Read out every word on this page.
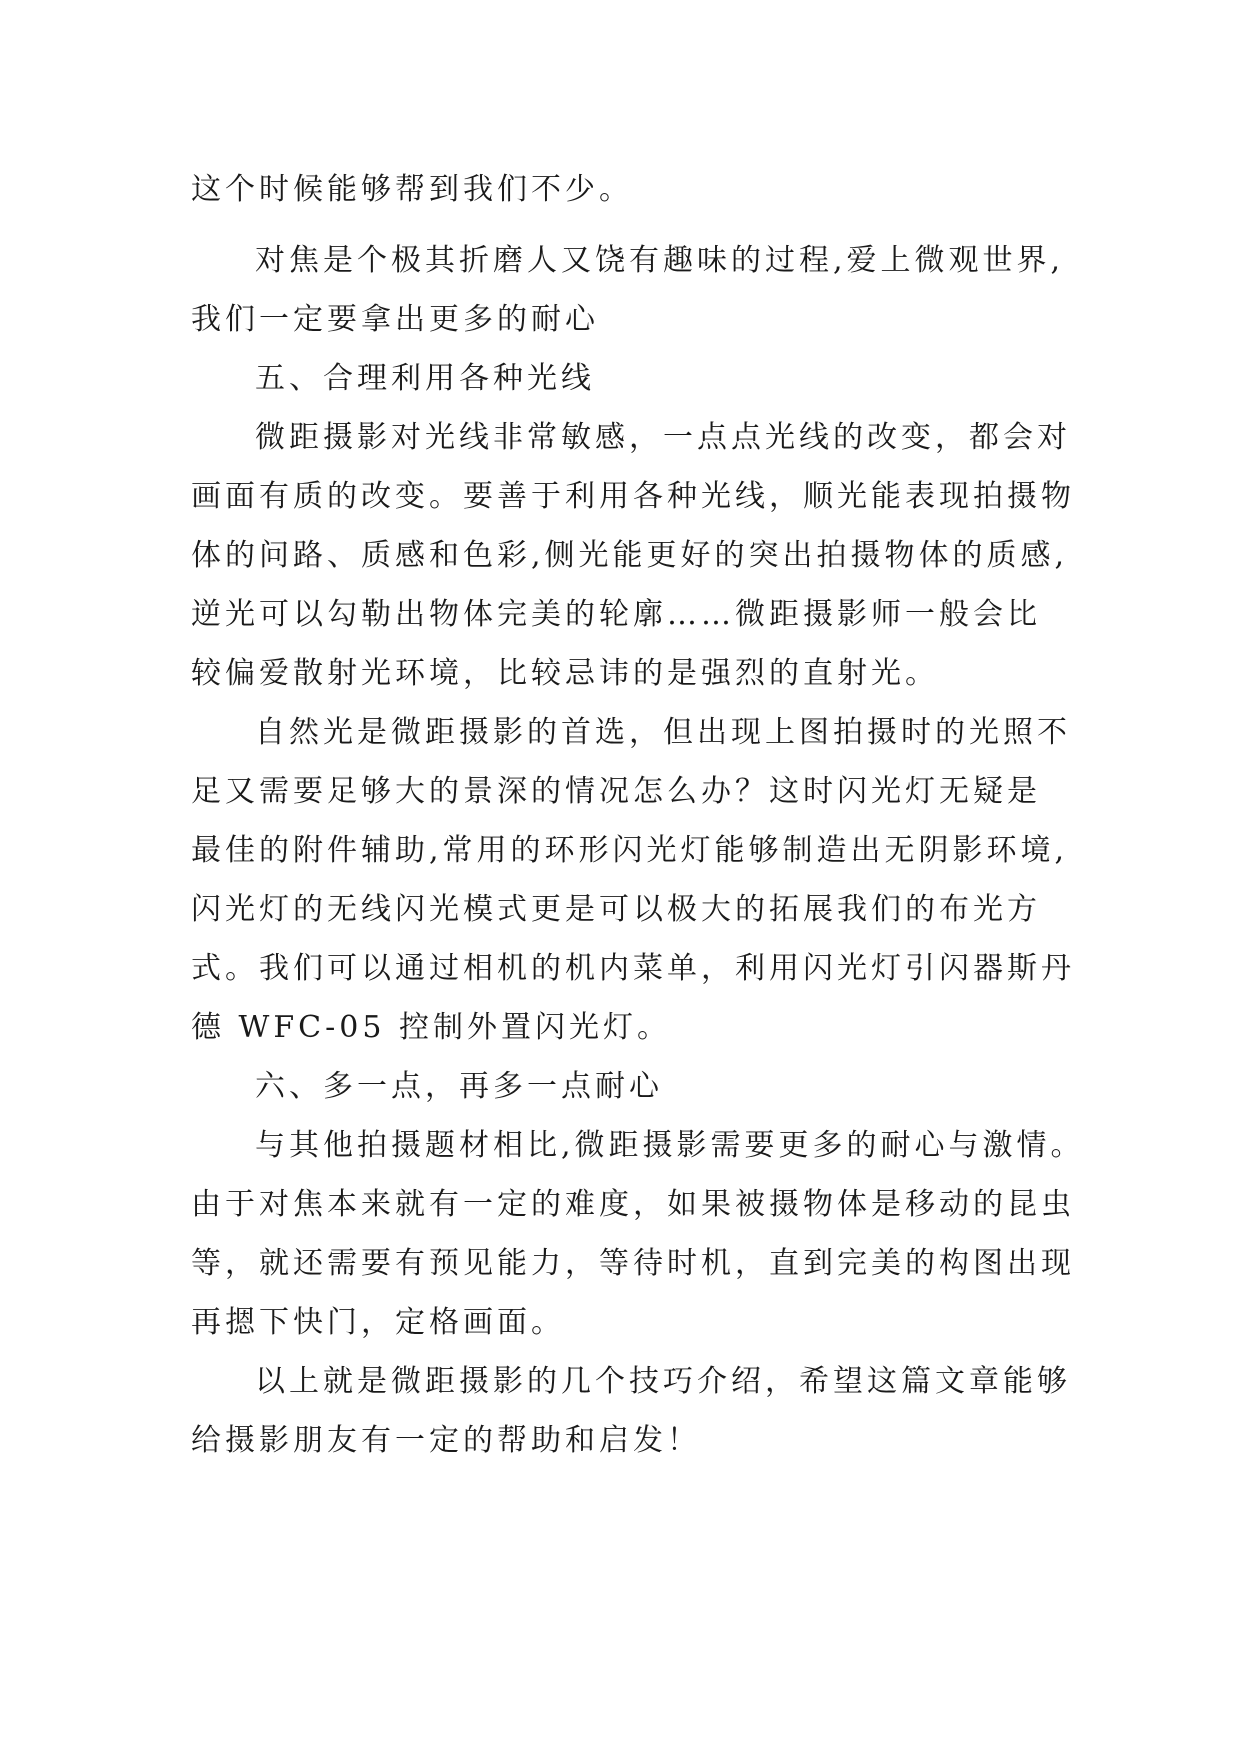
这个时候能够帮到我们不少。
对焦是个极其折磨人又饶有趣味的过程,爱上微观世界,
我们一定要拿出更多的耐心
五、合理利用各种光线
微距摄影对光线非常敏感，一点点光线的改变，都会对
画面有质的改变。要善于利用各种光线，顺光能表现拍摄物
体的问路、质感和色彩,侧光能更好的突出拍摄物体的质感,
逆光可以勾勒出物体完美的轮廓……微距摄影师一般会比
较偏爱散射光环境，比较忌讳的是强烈的直射光。
自然光是微距摄影的首选，但出现上图拍摄时的光照不
足又需要足够大的景深的情况怎么办？这时闪光灯无疑是
最佳的附件辅助,常用的环形闪光灯能够制造出无阴影环境,
闪光灯的无线闪光模式更是可以极大的拓展我们的布光方
式。我们可以通过相机的机内菜单，利用闪光灯引闪器斯丹
德 WFC-05 控制外置闪光灯。
六、多一点，再多一点耐心
与其他拍摄题材相比,微距摄影需要更多的耐心与激情。
由于对焦本来就有一定的难度，如果被摄物体是移动的昆虫
等，就还需要有预见能力，等待时机，直到完美的构图出现
再摁下快门，定格画面。
以上就是微距摄影的几个技巧介绍，希望这篇文章能够
给摄影朋友有一定的帮助和启发！
